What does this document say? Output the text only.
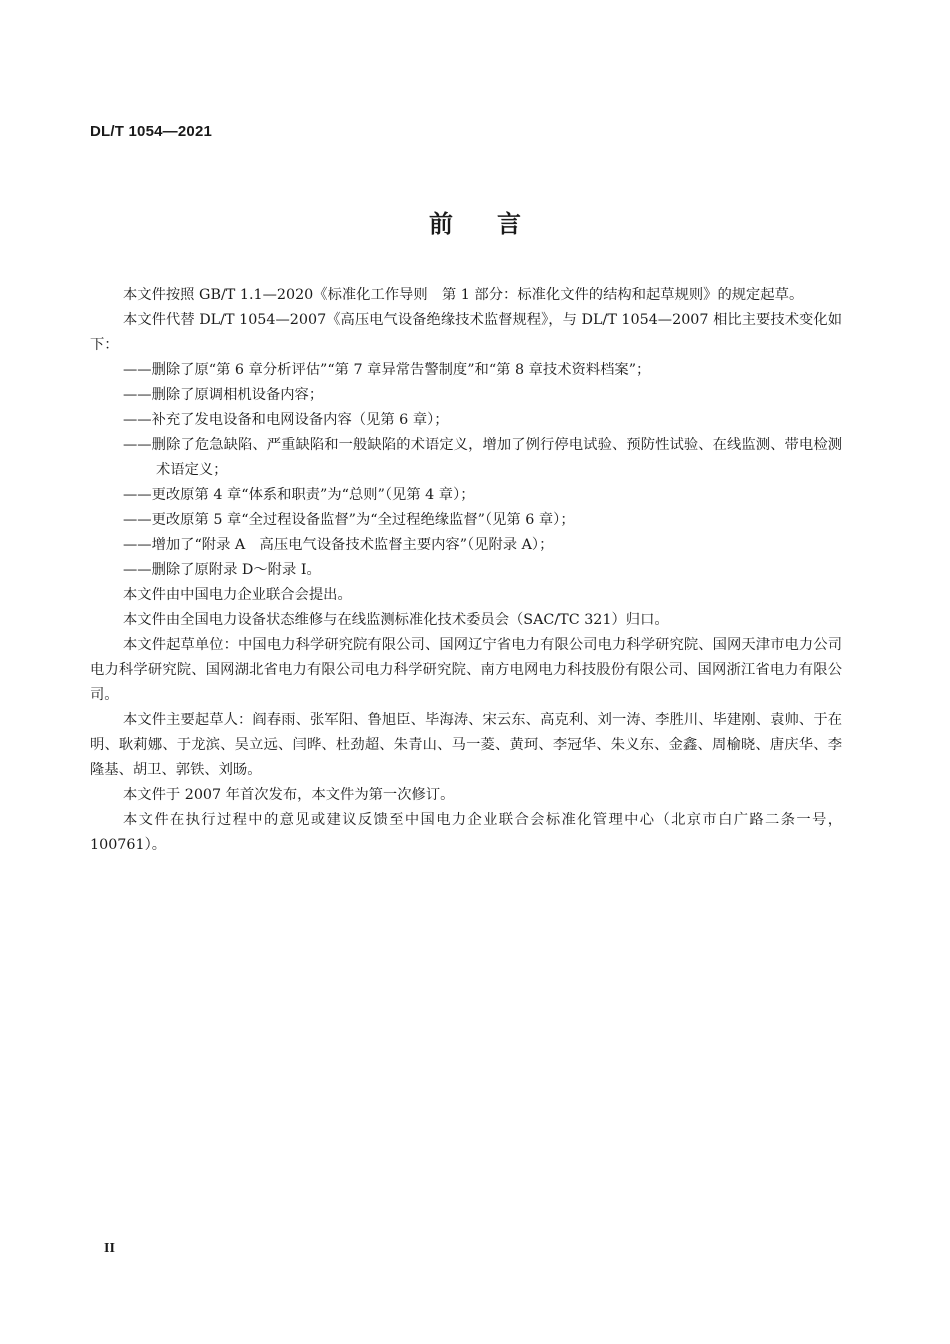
DL/T 1054—2021
前言

本文件按照 GB/T 1.1—2020《标准化工作导则　第 1 部分：标准化文件的结构和起草规则》的规定起草。

本文件代替 DL/T 1054—2007《高压电气设备绝缘技术监督规程》，与 DL/T 1054—2007 相比主要技术变化如下：

——删除了原“第 6 章分析评估”“第 7 章异常告警制度”和“第 8 章技术资料档案”；

——删除了原调相机设备内容；

——补充了发电设备和电网设备内容（见第 6 章）；

——删除了危急缺陷、严重缺陷和一般缺陷的术语定义，增加了例行停电试验、预防性试验、在线监测、带电检测术语定义；

——更改原第 4 章“体系和职责”为“总则”（见第 4 章）；

——更改原第 5 章“全过程设备监督”为“全过程绝缘监督”（见第 6 章）；

——增加了“附录 A　高压电气设备技术监督主要内容”（见附录 A）；

——删除了原附录 D～附录 I。

本文件由中国电力企业联合会提出。

本文件由全国电力设备状态维修与在线监测标准化技术委员会（SAC/TC 321）归口。

本文件起草单位：中国电力科学研究院有限公司、国网辽宁省电力有限公司电力科学研究院、国网天津市电力公司电力科学研究院、国网湖北省电力有限公司电力科学研究院、南方电网电力科技股份有限公司、国网浙江省电力有限公司。

本文件主要起草人：阎春雨、张军阳、鲁旭臣、毕海涛、宋云东、高克利、刘一涛、李胜川、毕建刚、袁帅、于在明、耿莉娜、于龙滨、吴立远、闫晔、杜劲超、朱青山、马一菱、黄珂、李冠华、朱义东、金鑫、周榆晓、唐庆华、李隆基、胡卫、郭铁、刘旸。

本文件于 2007 年首次发布，本文件为第一次修订。

本文件在执行过程中的意见或建议反馈至中国电力企业联合会标准化管理中心（北京市白广路二条一号，100761）。

II
